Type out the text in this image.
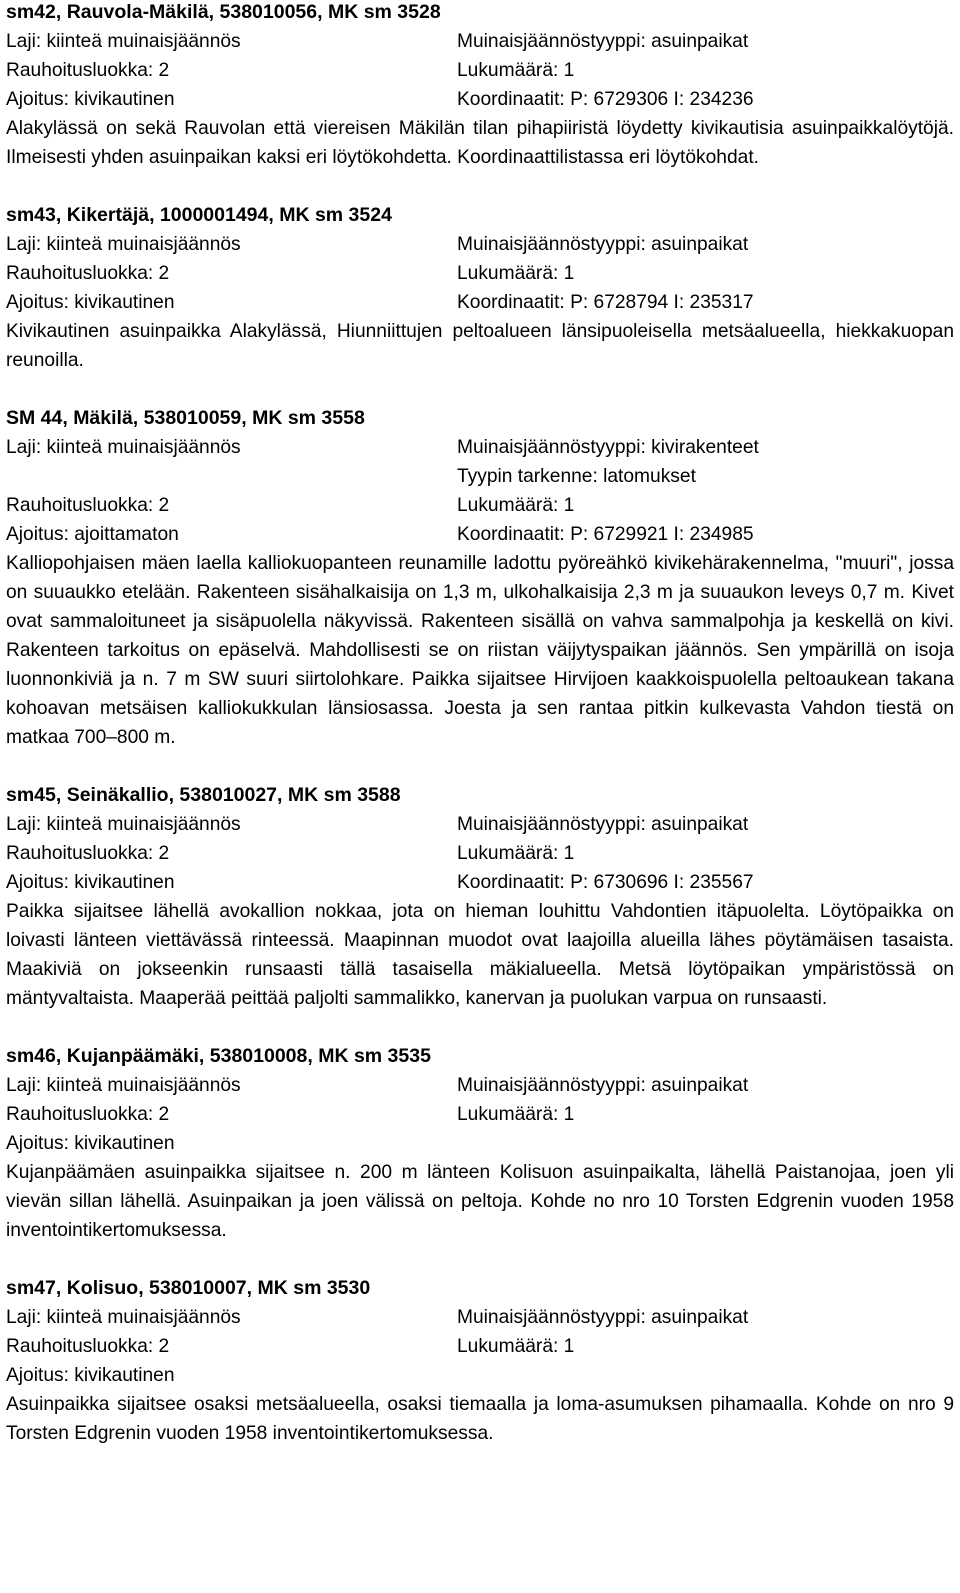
sm42, Rauvola-Mäkilä, 538010056, MK sm 3528
Laji: kiinteä muinaisjäännös	Muinaisjäännöstyyppi: asuinpaikat
Rauhoitusluokka: 2	Lukumäärä: 1
Ajoitus: kivikautinen	Koordinaatit: P: 6729306 I: 234236

Alakylässä on sekä Rauvolan että viereisen Mäkilän tilan pihapiiristä löydetty kivikautisia asuinpaikkalöytöjä. Ilmeisesti yhden asuinpaikan kaksi eri löytökohdetta. Koordinaattilistassa eri löytökohdat.

sm43, Kikertäjä, 1000001494, MK sm 3524
Laji: kiinteä muinaisjäännös	Muinaisjäännöstyyppi: asuinpaikat
Rauhoitusluokka: 2	Lukumäärä: 1
Ajoitus: kivikautinen	Koordinaatit: P: 6728794 I: 235317

Kivikautinen asuinpaikka Alakylässä, Hiunniittujen peltoalueen länsipuoleisella metsäalueella, hiekkakuopan reunoilla.

SM 44, Mäkilä, 538010059, MK sm 3558
Laji: kiinteä muinaisjäännös	Muinaisjäännöstyyppi: kivirakenteet
Tyypin tarkenne: latomukset
Rauhoitusluokka: 2	Lukumäärä: 1
Ajoitus: ajoittamaton	Koordinaatit: P: 6729921 I: 234985

Kalliopohjaisen mäen laella kalliokuopanteen reunamille ladottu pyöreähkö kivikehärakennelma, "muuri", jossa on suuaukko etelään. Rakenteen sisähalkaisija on 1,3 m, ulkohalkaisija 2,3 m ja suuaukon leveys 0,7 m. Kivet ovat sammaloituneet ja sisäpuolella näkyvissä. Rakenteen sisällä on vahva sammalpohja ja keskellä on kivi. Rakenteen tarkoitus on epäselvä. Mahdollisesti se on riistan väijytyspaikan jäännös. Sen ympärillä on isoja luonnonkiviä ja n. 7 m SW suuri siirtolohkare. Paikka sijaitsee Hirvijoen kaakkoispuolella peltoaukean takana kohoavan metsäisen kalliokukkulan länsiosassa. Joesta ja sen rantaa pitkin kulkevasta Vahdon tiestä on matkaa 700–800 m.

sm45, Seinäkallio, 538010027, MK sm 3588
Laji: kiinteä muinaisjäännös	Muinaisjäännöstyyppi: asuinpaikat
Rauhoitusluokka: 2	Lukumäärä: 1
Ajoitus: kivikautinen	Koordinaatit: P: 6730696 I: 235567

Paikka sijaitsee lähellä avokallion nokkaa, jota on hieman louhittu Vahdontien itäpuolelta. Löytöpaikka on loivasti länteen viettävässä rinteessä. Maapinnan muodot ovat laajoilla alueilla lähes pöytämäisen tasaista. Maakiviä on jokseenkin runsaasti tällä tasaisella mäkialueella. Metsä löytöpaikan ympäristössä on mäntyvaltaista. Maaperää peittää paljolti sammalikko, kanervan ja puolukan varpua on runsaasti.

sm46, Kujanpäämäki, 538010008, MK sm 3535
Laji: kiinteä muinaisjäännös	Muinaisjäännöstyyppi: asuinpaikat
Rauhoitusluokka: 2	Lukumäärä: 1
Ajoitus: kivikautinen

Kujanpäämäen asuinpaikka sijaitsee n. 200 m länteen Kolisuon asuinpaikalta, lähellä Paistanojaa, joen yli vievän sillan lähellä. Asuinpaikan ja joen välissä on peltoja. Kohde no nro 10 Torsten Edgrenin vuoden 1958 inventointikertomuksessa.

sm47, Kolisuo, 538010007, MK sm 3530
Laji: kiinteä muinaisjäännös	Muinaisjäännöstyyppi: asuinpaikat
Rauhoitusluokka: 2	Lukumäärä: 1
Ajoitus: kivikautinen

Asuinpaikka sijaitsee osaksi metsäalueella, osaksi tiemaalla ja loma-asumuksen pihamaalla. Kohde on nro 9 Torsten Edgrenin vuoden 1958 inventointikertomuksessa.
